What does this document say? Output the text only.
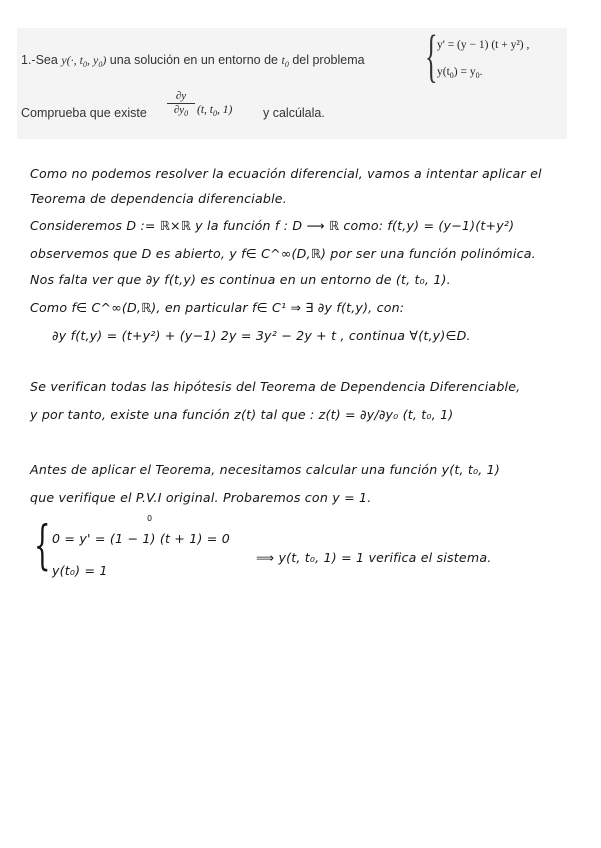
1.-Sea y(·, $t_0$, $y_0$) una solución en un entorno de $t_0$ del problema { y' = (y − 1) (t + y²) ,
$y(t_0) = y_0$.
Comprueba que existe $\frac{\partial y}{\partial y_0} (t$, $t_0$, 1) y calcúlala.
Como no podemos resolver la ecuación diferencial, vamos a intentar aplicar el
Teorema de dependencia diferenciable.
Consideremos D := ℝ×ℝ y la función f : D ⟶ ℝ como: f(t,y) = (y−1)(t+y²)
observemos que D es abierto, y f∈ C^∞(D,ℝ) por ser una función polinómica.
Nos falta ver que ∂y f(t,y) es continua en un entorno de (t, t₀, 1).
Como f∈ C^∞(D,ℝ), en particular f∈ C¹ ⇒ ∃ ∂y f(t,y), con:
∂y f(t,y) = (t+y²) + (y−1) 2y = 3y² − 2y + t , continua ∀(t,y)∈D.
Se verifican todas las hipótesis del Teorema de Dependencia Diferenciable,
y por tanto, existe una función z(t) tal que : z(t) = ∂y/∂y₀ (t, t₀, 1)
Antes de aplicar el Teorema, necesitamos calcular una función y(t, t₀, 1)
que verifique el P.V.I original. Probaremos con y = 1.
{	0
0 = y' = (1 − 1) (t + 1) = 0
y(t₀) = 1
⟹ y(t, t₀, 1) = 1 verifica el sistema.
